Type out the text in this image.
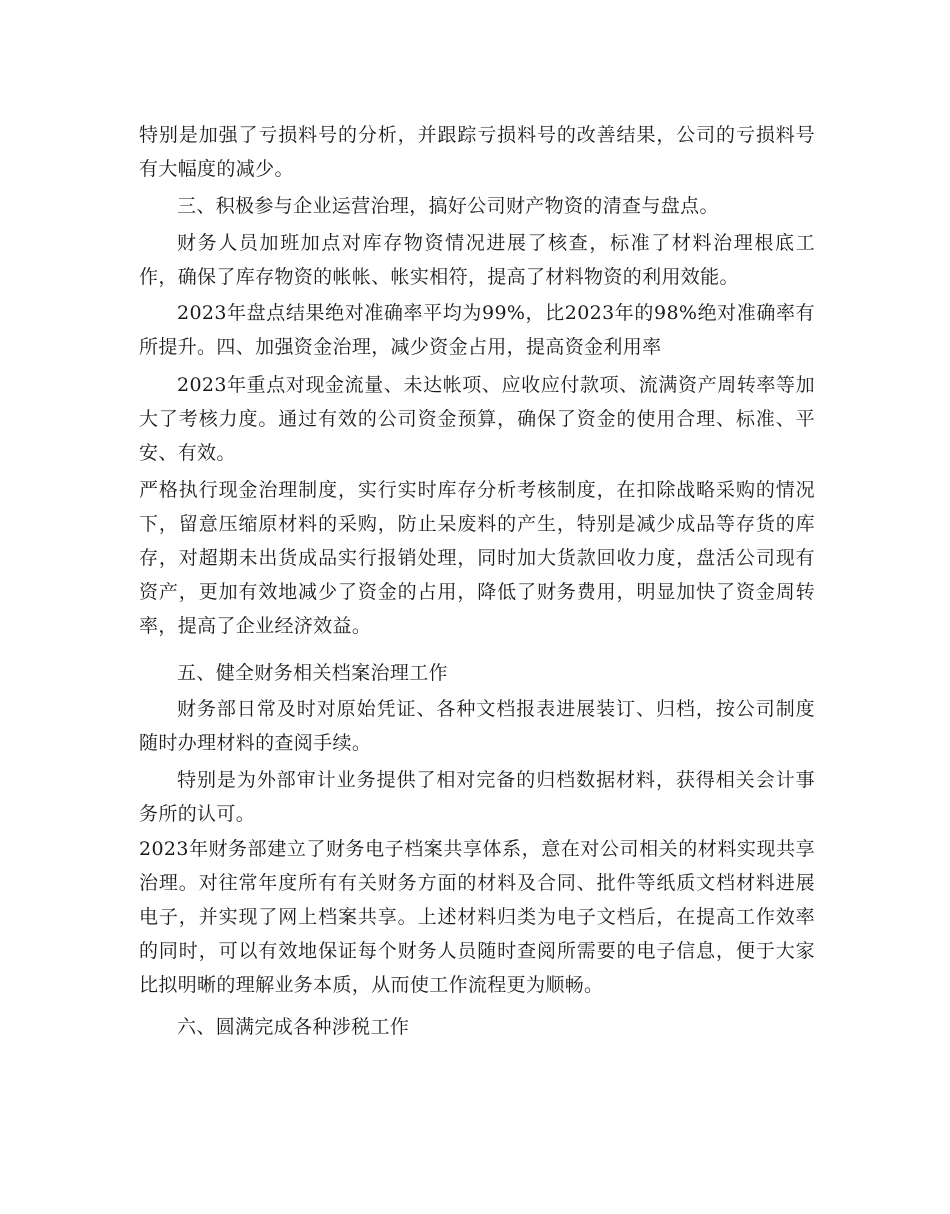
特别是加强了亏损料号的分析，并跟踪亏损料号的改善结果，公司的亏损料号有大幅度的减少。

三、积极参与企业运营治理，搞好公司财产物资的清查与盘点。

财务人员加班加点对库存物资情况进展了核查，标准了材料治理根底工作，确保了库存物资的帐帐、帐实相符，提高了材料物资的利用效能。

2023年盘点结果绝对准确率平均为99%，比2023年的98%绝对准确率有所提升。四、加强资金治理，减少资金占用，提高资金利用率

2023年重点对现金流量、未达帐项、应收应付款项、流满资产周转率等加大了考核力度。通过有效的公司资金预算，确保了资金的使用合理、标准、平安、有效。

严格执行现金治理制度，实行实时库存分析考核制度，在扣除战略采购的情况下，留意压缩原材料的采购，防止呆废料的产生，特别是减少成品等存货的库存，对超期未出货成品实行报销处理，同时加大货款回收力度，盘活公司现有资产，更加有效地减少了资金的占用，降低了财务费用，明显加快了资金周转率，提高了企业经济效益。

五、健全财务相关档案治理工作

财务部日常及时对原始凭证、各种文档报表进展装订、归档，按公司制度随时办理材料的查阅手续。

特别是为外部审计业务提供了相对完备的归档数据材料，获得相关会计事务所的认可。

2023年财务部建立了财务电子档案共享体系，意在对公司相关的材料实现共享治理。对往常年度所有有关财务方面的材料及合同、批件等纸质文档材料进展电子，并实现了网上档案共享。上述材料归类为电子文档后，在提高工作效率的同时，可以有效地保证每个财务人员随时查阅所需要的电子信息，便于大家比拟明晰的理解业务本质，从而使工作流程更为顺畅。

六、圆满完成各种涉税工作
